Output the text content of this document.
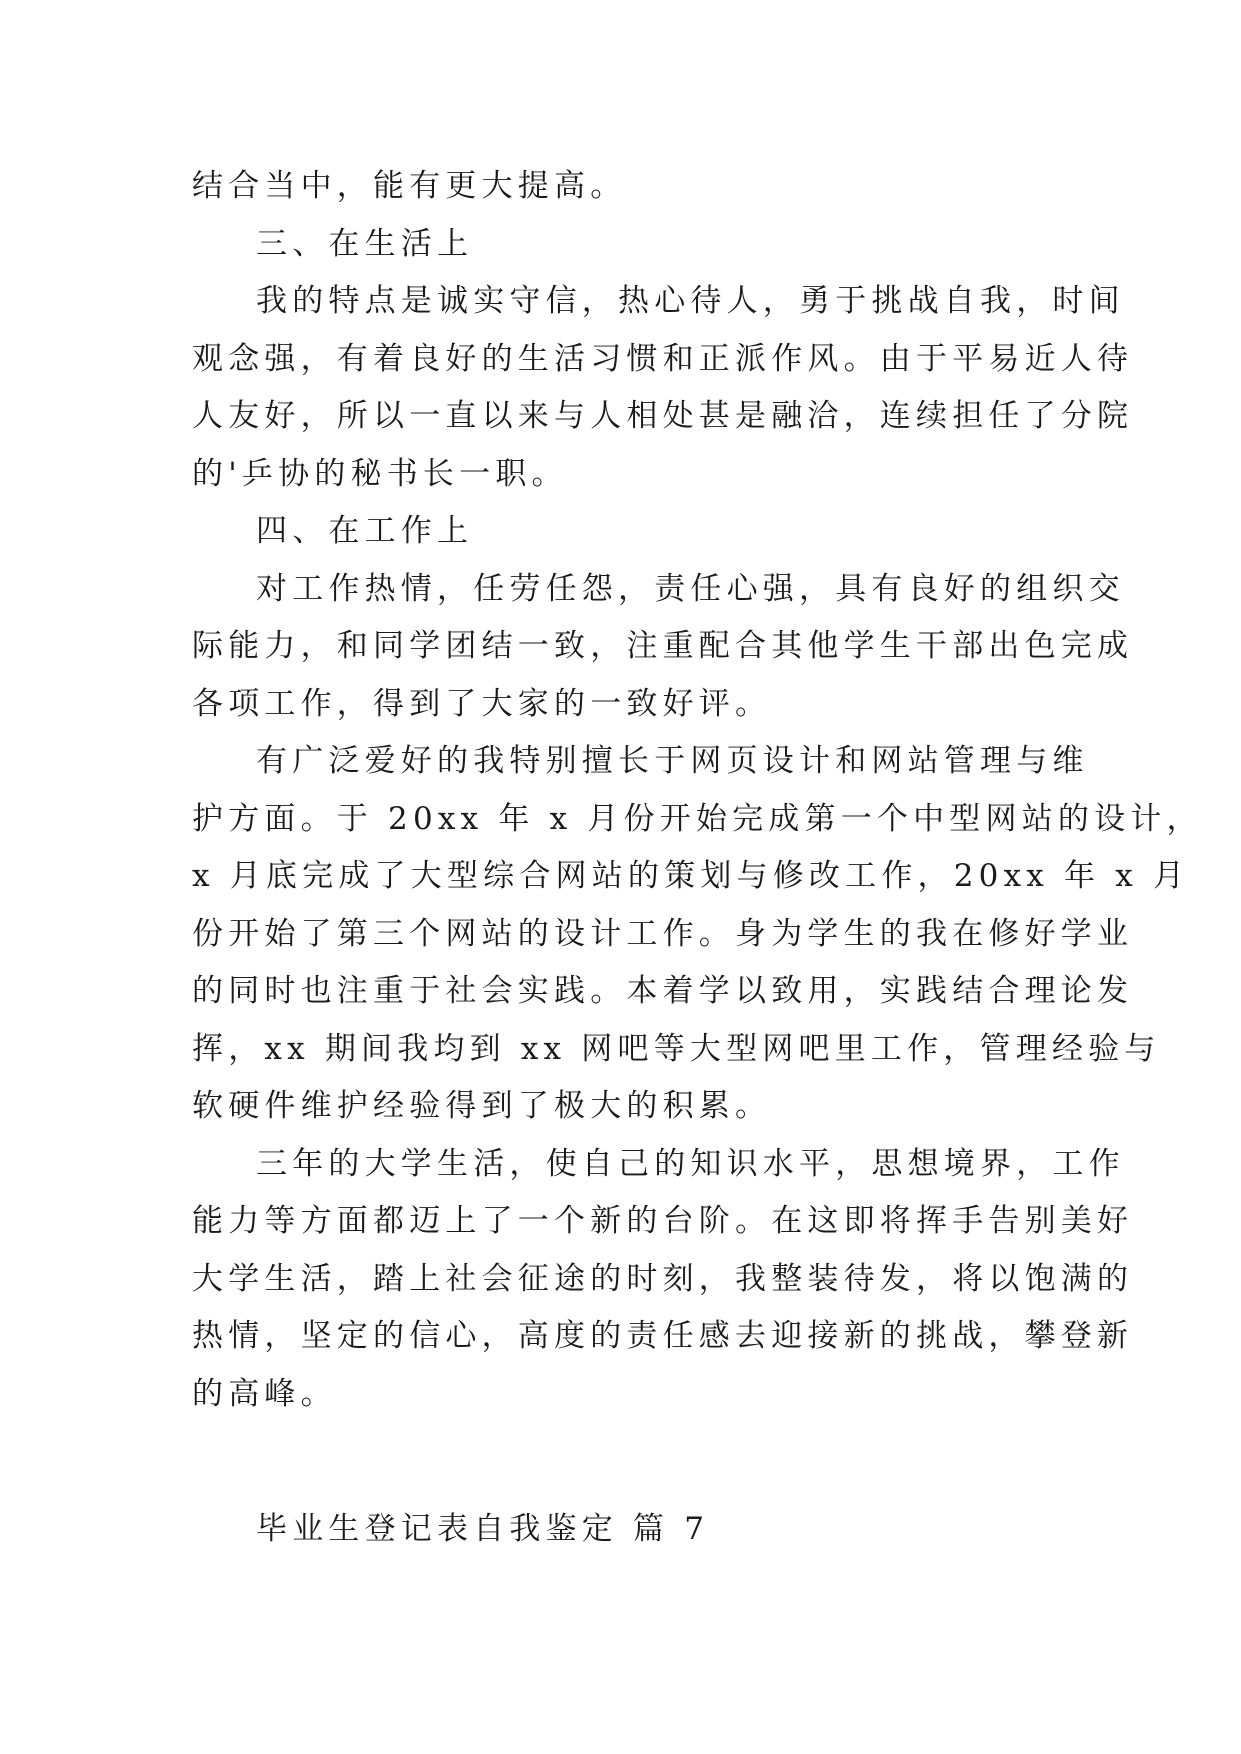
结合当中，能有更大提高。
三、在生活上
我的特点是诚实守信，热心待人，勇于挑战自我，时间
观念强，有着良好的生活习惯和正派作风。由于平易近人待
人友好，所以一直以来与人相处甚是融洽，连续担任了分院
的'乒协的秘书长一职。
四、在工作上
对工作热情，任劳任怨，责任心强，具有良好的组织交
际能力，和同学团结一致，注重配合其他学生干部出色完成
各项工作，得到了大家的一致好评。
有广泛爱好的我特别擅长于网页设计和网站管理与维
护方面。于 20xx 年 x 月份开始完成第一个中型网站的设计，
x 月底完成了大型综合网站的策划与修改工作，20xx 年 x 月
份开始了第三个网站的设计工作。身为学生的我在修好学业
的同时也注重于社会实践。本着学以致用，实践结合理论发
挥，xx 期间我均到 xx 网吧等大型网吧里工作，管理经验与
软硬件维护经验得到了极大的积累。
三年的大学生活，使自己的知识水平，思想境界，工作
能力等方面都迈上了一个新的台阶。在这即将挥手告别美好
大学生活，踏上社会征途的时刻，我整装待发，将以饱满的
热情，坚定的信心，高度的责任感去迎接新的挑战，攀登新
的高峰。
毕业生登记表自我鉴定 篇 7
